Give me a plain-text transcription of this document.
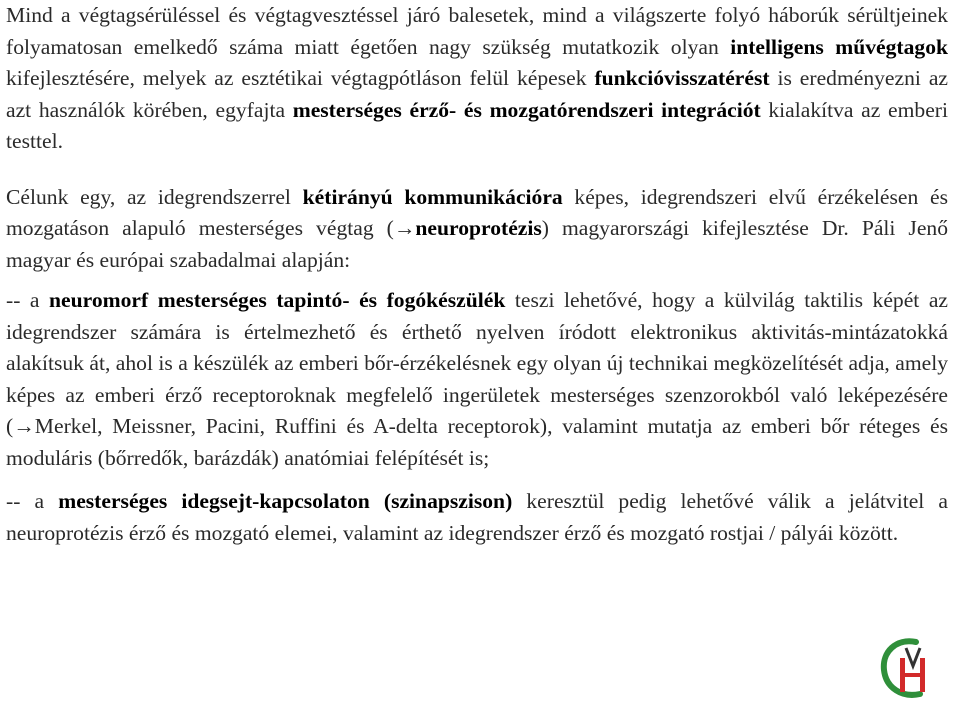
Mind a végtagsérüléssel és végtagvesztéssel járó balesetek, mind a világszerte folyó háborúk sérültjeinek folyamatosan emelkedő száma miatt égetően nagy szükség mutatkozik olyan intelligens művégtagok kifejlesztésére, melyek az esztétikai végtagpótláson felül képesek funkcióvisszatérést is eredményezni az azt használók körében, egyfajta mesterséges érző- és mozgatórendszeri integrációt kialakítva az emberi testtel.

Célunk egy, az idegrendszerrel kétirányú kommunikációra képes, idegrendszeri elvű érzékelésen és mozgatáson alapuló mesterséges végtag (→neuroprotézis) magyarországi kifejlesztése Dr. Páli Jenő magyar és európai szabadalmai alapján:

-- a neuromorf mesterséges tapintó- és fogókészülék teszi lehetővé, hogy a külvilág taktilis képét az idegrendszer számára is értelmezhető és érthető nyelven íródott elektronikus aktivitás-mintázatokká alakítsuk át, ahol is a készülék az emberi bőr-érzékelésnek egy olyan új technikai megközelítését adja, amely képes az emberi érző receptoroknak megfelelő ingerületek mesterséges szenzorokból való leképezésére (→Merkel, Meissner, Pacini, Ruffini és A-delta receptorok), valamint mutatja az emberi bőr réteges és moduláris (bőrredők, barázdák) anatómiai felépítését is;

-- a mesterséges idegsejt-kapcsolaton (szinapszison) keresztül pedig lehetővé válik a jelátvitel a neuroprotézis érző és mozgató elemei, valamint az idegrendszer érző és mozgató rostjai / pályái között.

C V H
